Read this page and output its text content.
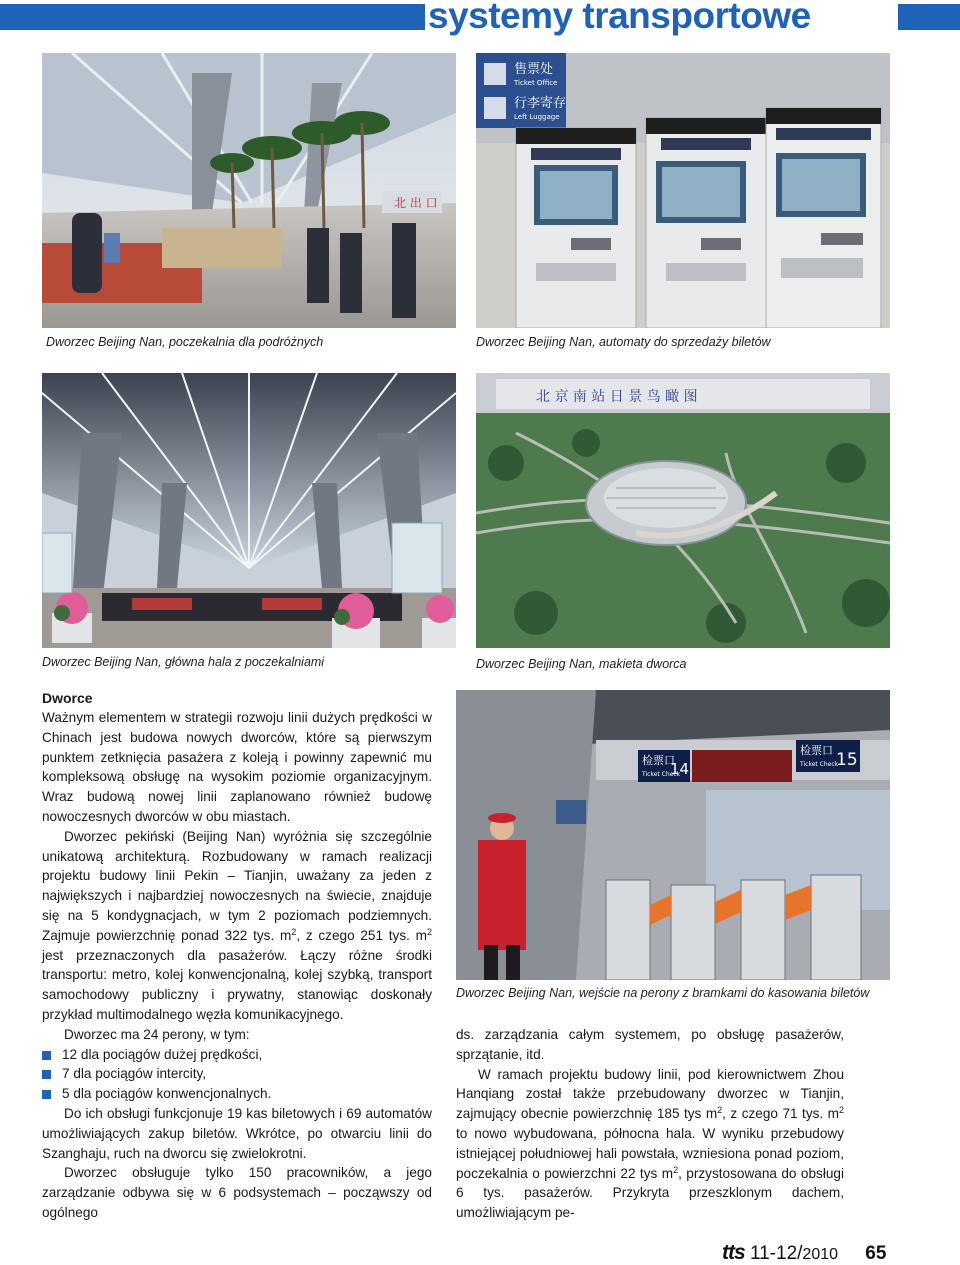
systemy transportowe
北 出 口
Dworzec Beijing Nan, poczekalnia dla podróżnych
售票处
Ticket Office
行李寄存
Left Luggage
Dworzec Beijing Nan, automaty do sprzedaży biletów
Dworzec Beijing Nan, główna hala z poczekalniami
北 京 南 站 日 景 鸟 瞰 图
Dworzec Beijing Nan, makieta dworca
检票口
Ticket Check
14
检票口
Ticket Check
15
Dworzec Beijing Nan, wejście na perony z bramkami do kasowania biletów
Dworce

Ważnym elementem w strategii rozwoju linii dużych prędkości w Chinach jest budowa nowych dworców, które są pierwszym punktem zetknięcia pasażera z koleją i powinny zapewnić mu kompleksową obsługę na wysokim poziomie organizacyjnym. Wraz budową nowej linii zaplanowano również budowę nowoczesnych dworców w obu miastach.

Dworzec pekiński (Beijing Nan) wyróżnia się szczególnie unikatową architekturą. Rozbudowany w ramach realizacji projektu budowy linii Pekin – Tianjin, uważany za jeden z największych i najbardziej nowoczesnych na świecie, znajduje się na 5 kondygnacjach, w tym 2 poziomach podziemnych. Zajmuje powierzchnię ponad 322 tys. $m^2$, z czego 251 tys. $m^2$ jest przeznaczonych dla pasażerów. Łączy różne środki transportu: metro, kolej konwencjonalną, kolej szybką, transport samochodowy publiczny i prywatny, stanowiąc doskonały przykład multimodalnego węzła komunikacyjnego.

Dworzec ma 24 perony, w tym:

12 dla pociągów dużej prędkości,
7 dla pociągów intercity,
5 dla pociągów konwencjonalnych.

Do ich obsługi funkcjonuje 19 kas biletowych i 69 automatów umożliwiających zakup biletów. Wkrótce, po otwarciu linii do Szanghaju, ruch na dworcu się zwielokrotni.

Dworzec obsługuje tylko 150 pracowników, a jego zarządzanie odbywa się w 6 podsystemach – począwszy od ogólnego

ds. zarządzania całym systemem, po obsługę pasażerów, sprzątanie, itd.

W ramach projektu budowy linii, pod kierownictwem Zhou Hanqiang został także przebudowany dworzec w Tianjin, zajmujący obecnie powierzchnię 185 tys $m^2$, z czego 71 tys. $m^2$ to nowo wybudowana, północna hala. W wyniku przebudowy istniejącej południowej hali powstała, wzniesiona ponad poziom, poczekalnia o powierzchni 22 tys $m^2$, przystosowana do obsługi 6 tys. pasażerów. Przykryta przeszklonym dachem, umożliwiającym pe-

tts 11-12/2010 65
